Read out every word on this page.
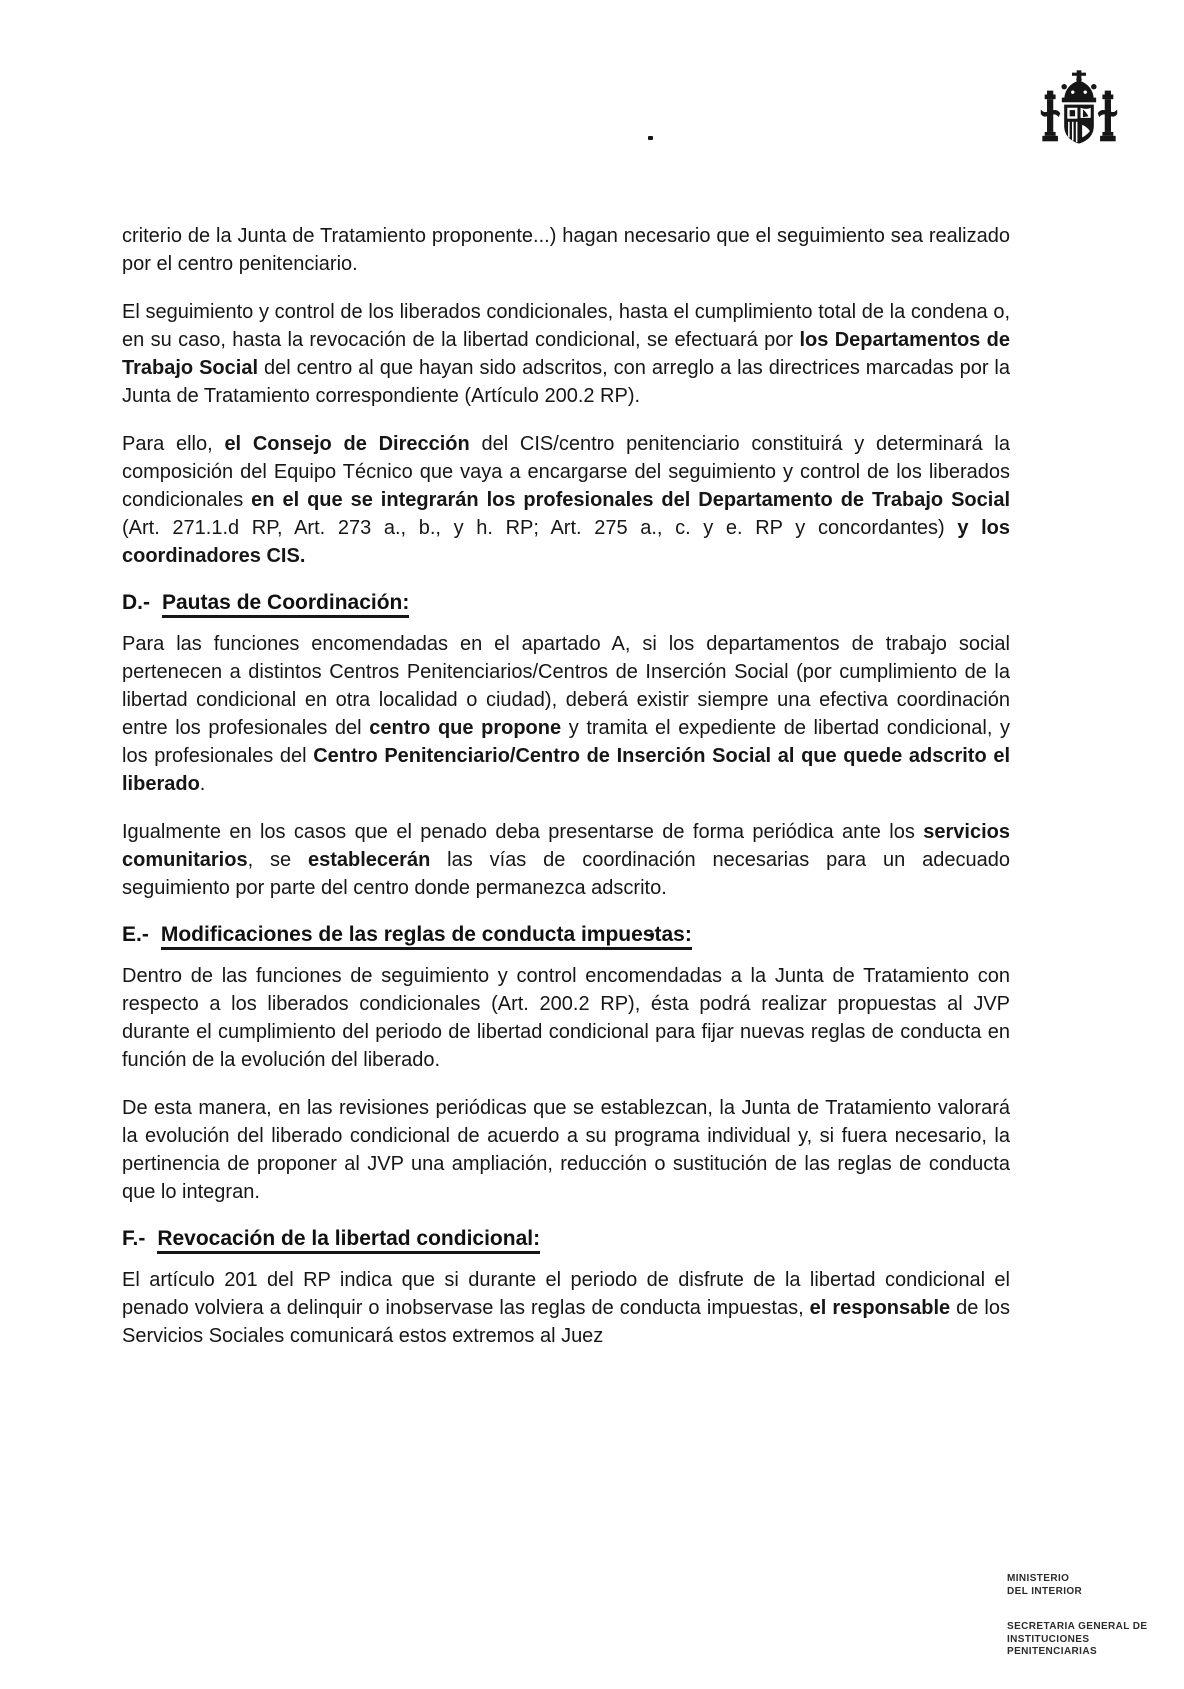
criterio de la Junta de Tratamiento proponente...) hagan necesario que el seguimiento sea realizado por el centro penitenciario.

El seguimiento y control de los liberados condicionales, hasta el cumplimiento total de la condena o, en su caso, hasta la revocación de la libertad condicional, se efectuará por los Departamentos de Trabajo Social del centro al que hayan sido adscritos, con arreglo a las directrices marcadas por la Junta de Tratamiento correspondiente (Artículo 200.2 RP).

Para ello, el Consejo de Dirección del CIS/centro penitenciario constituirá y determinará la composición del Equipo Técnico que vaya a encargarse del seguimiento y control de los liberados condicionales en el que se integrarán los profesionales del Departamento de Trabajo Social (Art. 271.1.d RP, Art. 273 a., b., y h. RP; Art. 275 a., c. y e. RP y concordantes) y los coordinadores CIS.

D.- Pautas de Coordinación:

Para las funciones encomendadas en el apartado A, si los departamentos de trabajo social pertenecen a distintos Centros Penitenciarios/Centros de Inserción Social (por cumplimiento de la libertad condicional en otra localidad o ciudad), deberá existir siempre una efectiva coordinación entre los profesionales del centro que propone y tramita el expediente de libertad condicional, y los profesionales del Centro Penitenciario/Centro de Inserción Social al que quede adscrito el liberado.

Igualmente en los casos que el penado deba presentarse de forma periódica ante los servicios comunitarios, se establecerán las vías de coordinación necesarias para un adecuado seguimiento por parte del centro donde permanezca adscrito.

E.- Modificaciones de las reglas de conducta impuestas:

Dentro de las funciones de seguimiento y control encomendadas a la Junta de Tratamiento con respecto a los liberados condicionales (Art. 200.2 RP), ésta podrá realizar propuestas al JVP durante el cumplimiento del periodo de libertad condicional para fijar nuevas reglas de conducta en función de la evolución del liberado.

De esta manera, en las revisiones periódicas que se establezcan, la Junta de Tratamiento valorará la evolución del liberado condicional de acuerdo a su programa individual y, si fuera necesario, la pertinencia de proponer al JVP una ampliación, reducción o sustitución de las reglas de conducta que lo integran.

F.- Revocación de la libertad condicional:

El artículo 201 del RP indica que si durante el periodo de disfrute de la libertad condicional el penado volviera a delinquir o inobservase las reglas de conducta impuestas, el responsable de los Servicios Sociales comunicará estos extremos al Juez

MINISTERIO
DEL INTERIOR
SECRETARIA GENERAL DE
INSTITUCIONES
PENITENCIARIAS
